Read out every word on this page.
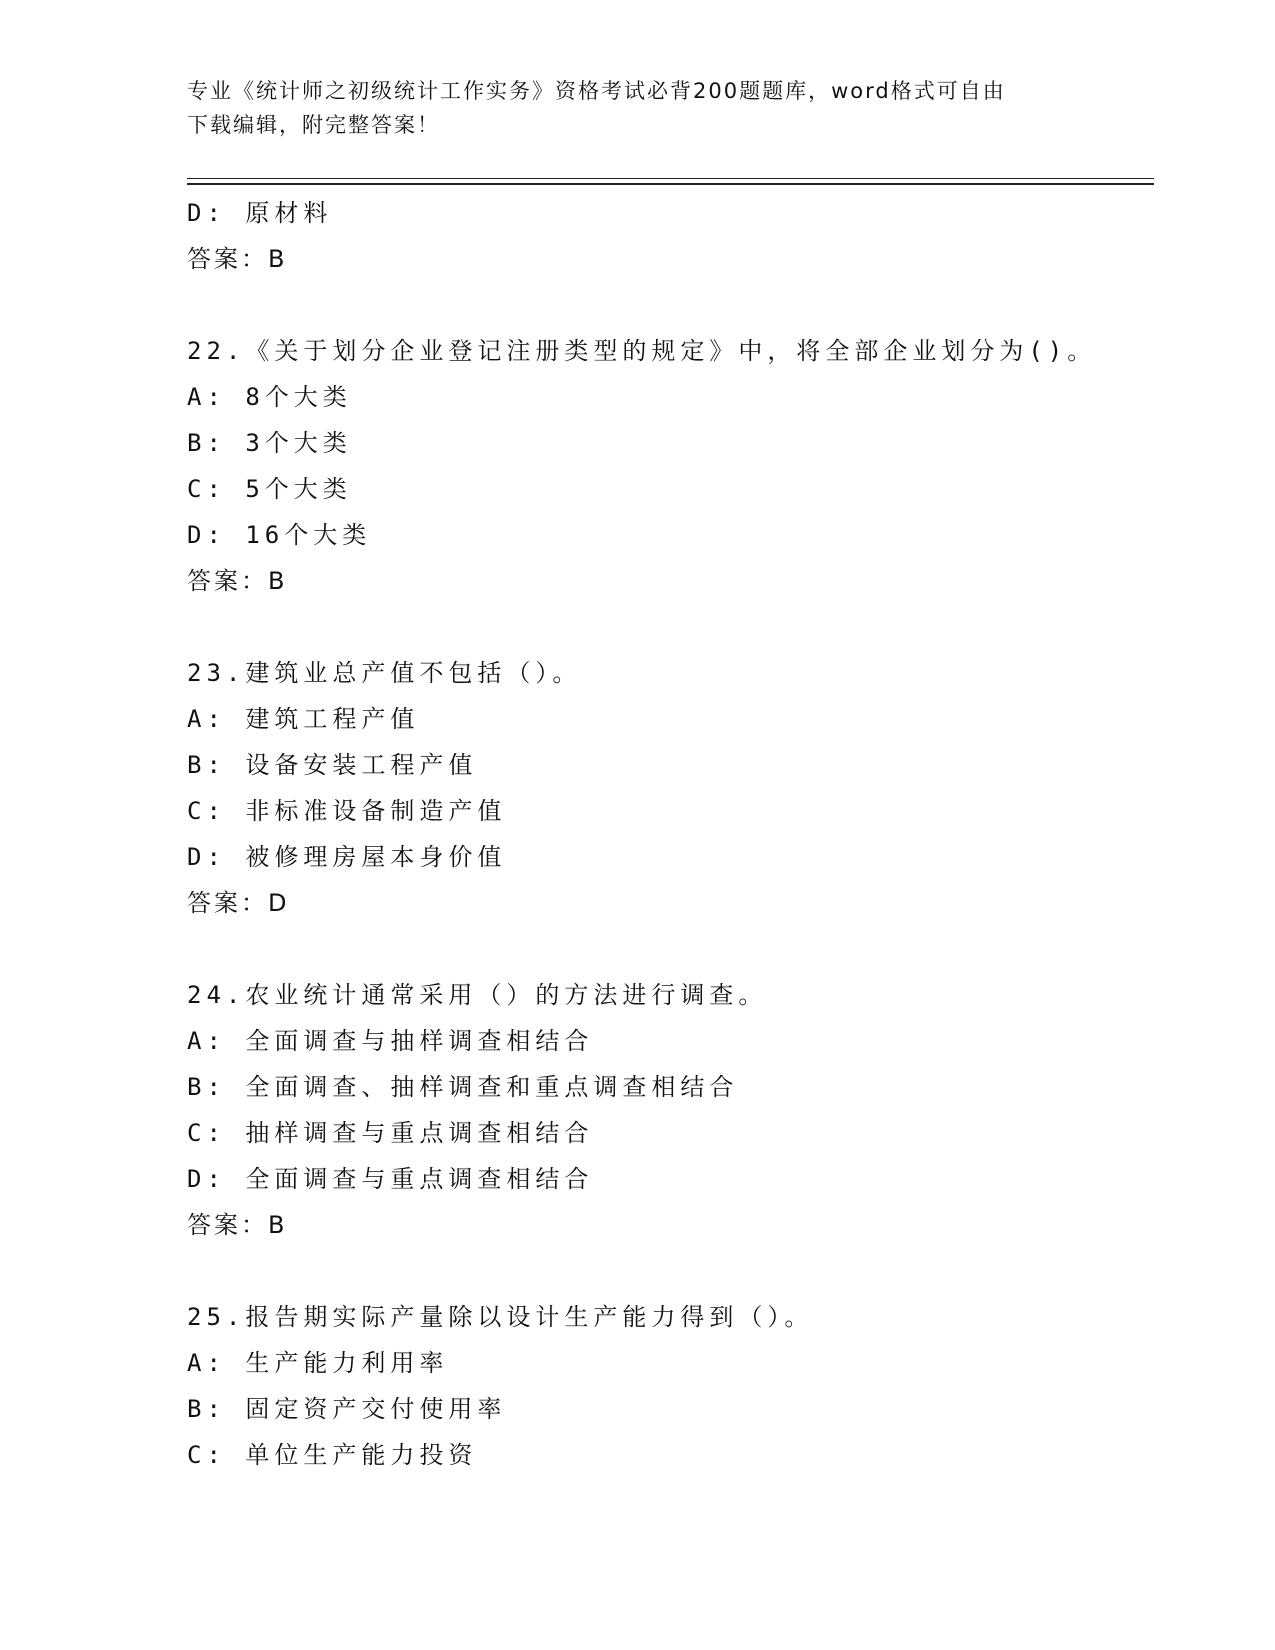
专业《统计师之初级统计工作实务》资格考试必背200题题库，word格式可自由
下载编辑，附完整答案！
D: 原材料
答案：B
22.《关于划分企业登记注册类型的规定》中，将全部企业划分为()。
A: 8个大类
B: 3个大类
C: 5个大类
D: 16个大类
答案：B
23.建筑业总产值不包括（）。
A: 建筑工程产值
B: 设备安装工程产值
C: 非标准设备制造产值
D: 被修理房屋本身价值
答案：D
24.农业统计通常采用（）的方法进行调查。
A: 全面调查与抽样调查相结合
B: 全面调查、抽样调查和重点调查相结合
C: 抽样调查与重点调查相结合
D: 全面调查与重点调查相结合
答案：B
25.报告期实际产量除以设计生产能力得到（）。
A: 生产能力利用率
B: 固定资产交付使用率
C: 单位生产能力投资
